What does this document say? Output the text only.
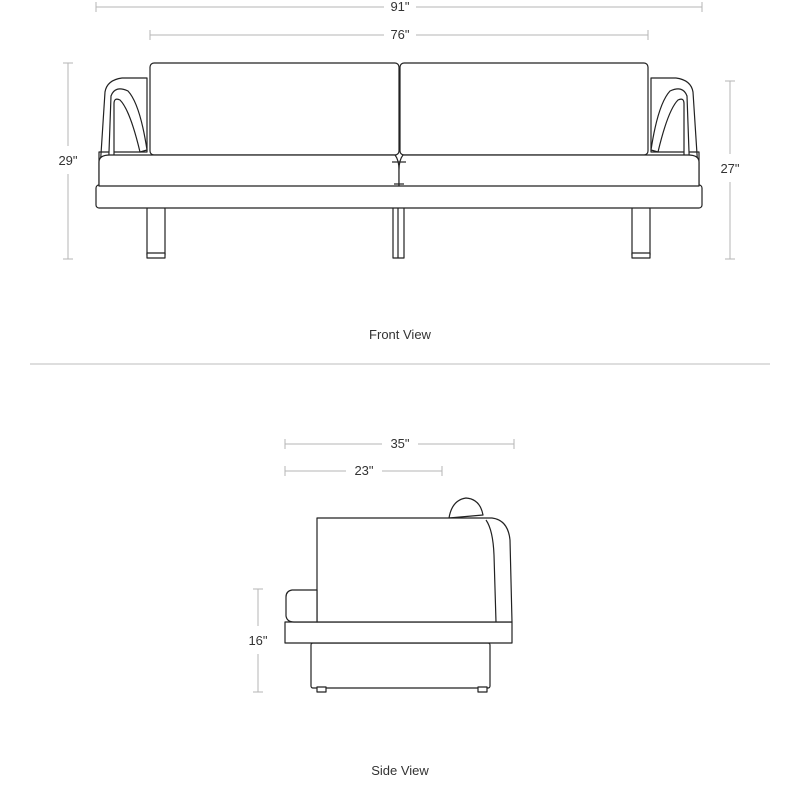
91"
76"
29"
27"
Front View
35"
23"
16"
Side View
